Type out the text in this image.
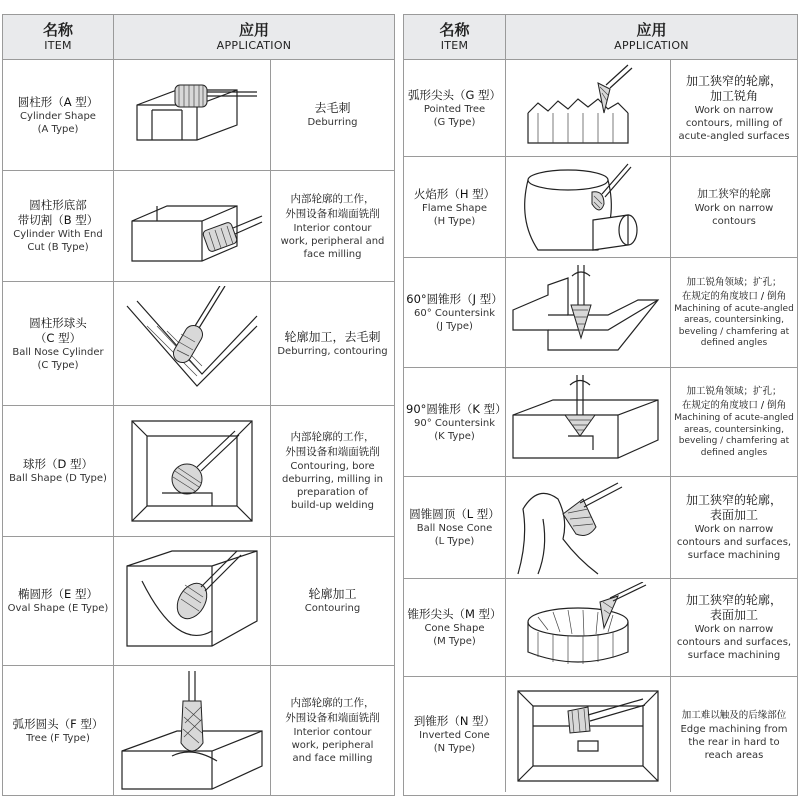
名称
ITEM
应用
APPLICATION
圆柱形（A 型）
Cylinder Shape
(A Type)
去毛刺
Deburring
圆柱形底部
带切割（B 型）
Cylinder With End
Cut (B Type)
内部轮廓的工作，
外围设备和端面铣削
Interior contour
work, peripheral and
face milling
圆柱形球头
（C 型）
Ball Nose Cylinder
(C Type)
轮廓加工，去毛刺
Deburring, contouring
球形（D 型）
Ball Shape (D Type)
内部轮廓的工作，
外围设备和端面铣削
Contouring, bore
deburring, milling in
preparation of
build-up welding
椭圆形（E 型）
Oval Shape (E Type)
轮廓加工
Contouring
弧形圆头（F 型）
Tree (F Type)
内部轮廓的工作，
外围设备和端面铣削
Interior contour
work, peripheral
and face milling
名称
ITEM
应用
APPLICATION
弧形尖头（G 型）
Pointed Tree
(G Type)
加工狭窄的轮廓，
加工锐角
Work on narrow
contours, milling of
acute-angled surfaces
火焰形（H 型）
Flame Shape
(H Type)
加工狭窄的轮廓
Work on narrow
contours
60°圆锥形（J 型）
60° Countersink
(J Type)
加工锐角领域；扩孔；
在规定的角度坡口 / 倒角
Machining of acute-angled
areas, countersinking,
beveling / chamfering at
defined angles
90°圆锥形（K 型）
90° Countersink
(K Type)
加工锐角领域；扩孔；
在规定的角度坡口 / 倒角
Machining of acute-angled
areas, countersinking,
beveling / chamfering at
defined angles
圆锥圆顶（L 型）
Ball Nose Cone
(L Type)
加工狭窄的轮廓，
表面加工
Work on narrow
contours and surfaces,
surface machining
锥形尖头（M 型）
Cone Shape
(M Type)
加工狭窄的轮廓，
表面加工
Work on narrow
contours and surfaces,
surface machining
到锥形（N 型）
Inverted Cone
(N Type)
加工难以触及的后缘部位
Edge machining from
the rear in hard to
reach areas
